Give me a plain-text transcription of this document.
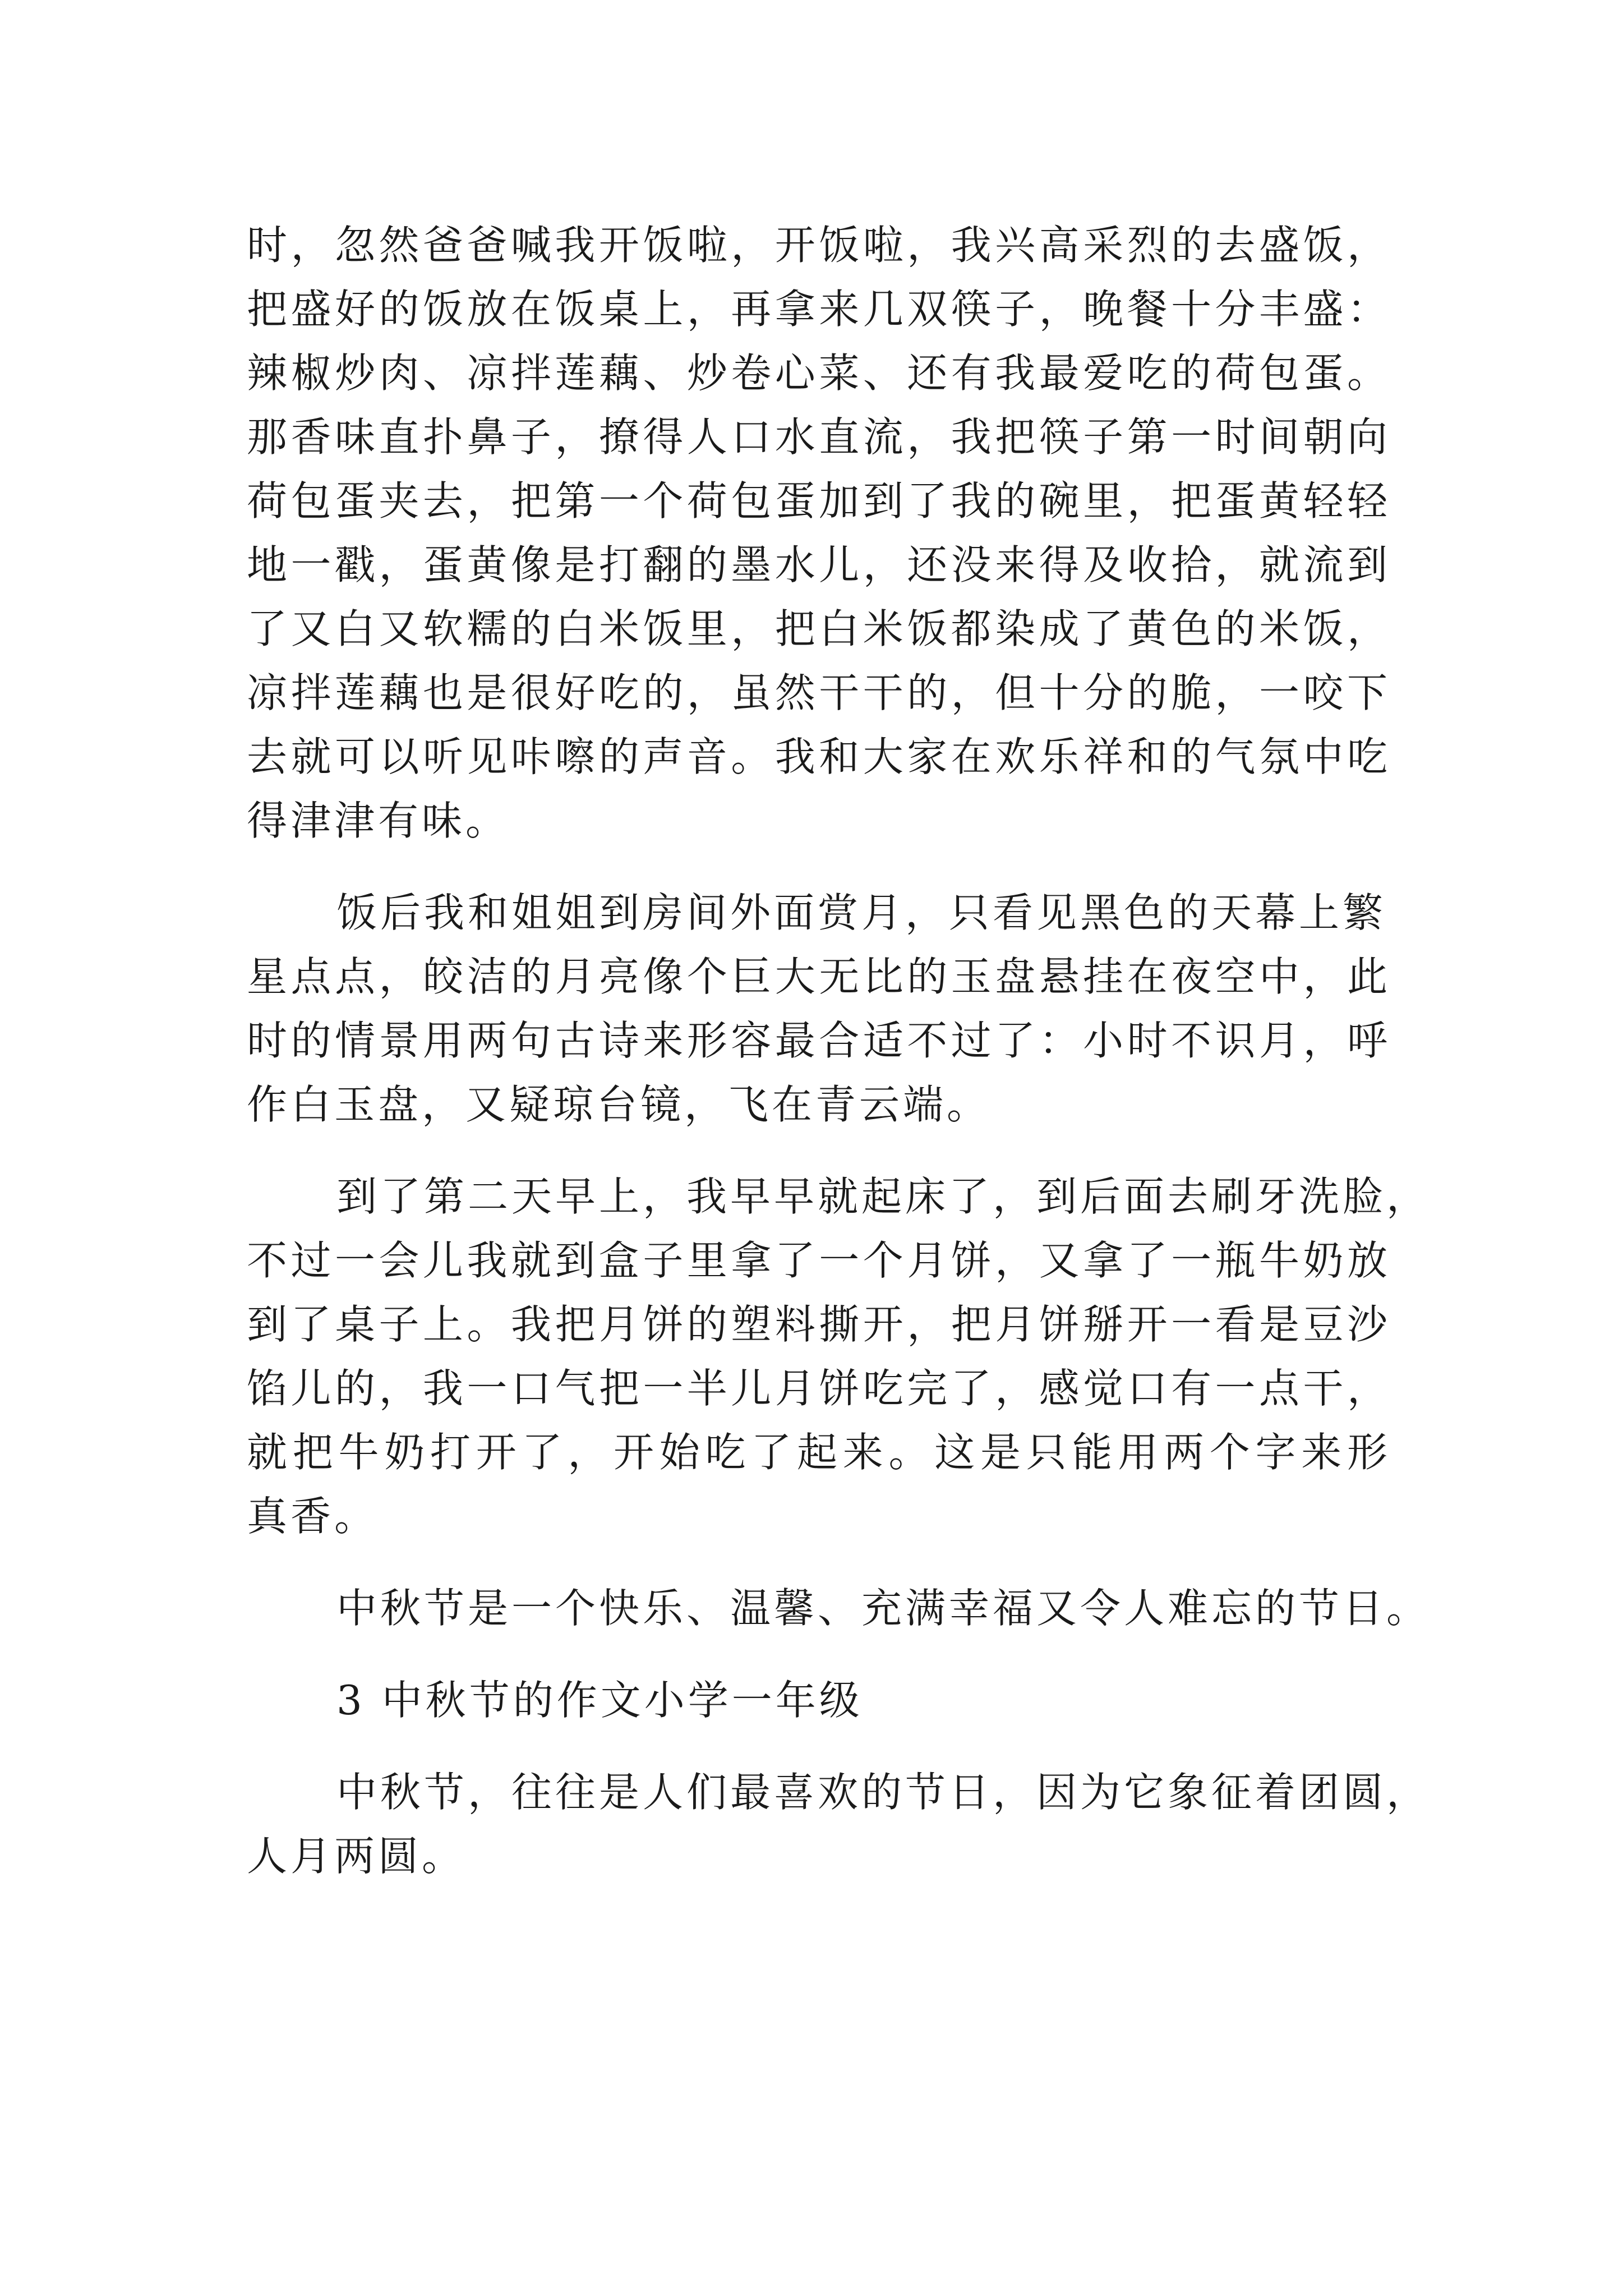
时，忽然爸爸喊我开饭啦，开饭啦，我兴高采烈的去盛饭，
把盛好的饭放在饭桌上，再拿来几双筷子，晚餐十分丰盛：
辣椒炒肉、凉拌莲藕、炒卷心菜、还有我最爱吃的荷包蛋。
那香味直扑鼻子，撩得人口水直流，我把筷子第一时间朝向
荷包蛋夹去，把第一个荷包蛋加到了我的碗里，把蛋黄轻轻
地一戳，蛋黄像是打翻的墨水儿，还没来得及收拾，就流到
了又白又软糯的白米饭里，把白米饭都染成了黄色的米饭，
凉拌莲藕也是很好吃的，虽然干干的，但十分的脆，一咬下
去就可以听见咔嚓的声音。我和大家在欢乐祥和的气氛中吃
得津津有味。
饭后我和姐姐到房间外面赏月，只看见黑色的天幕上繁
星点点，皎洁的月亮像个巨大无比的玉盘悬挂在夜空中，此
时的情景用两句古诗来形容最合适不过了：小时不识月，呼
作白玉盘，又疑琼台镜，飞在青云端。
到了第二天早上，我早早就起床了，到后面去刷牙洗脸，
不过一会儿我就到盒子里拿了一个月饼，又拿了一瓶牛奶放
到了桌子上。我把月饼的塑料撕开，把月饼掰开一看是豆沙
馅儿的，我一口气把一半儿月饼吃完了，感觉口有一点干，
就把牛奶打开了，开始吃了起来。这是只能用两个字来形
真香。
中秋节是一个快乐、温馨、充满幸福又令人难忘的节日。
3 中秋节的作文小学一年级
中秋节，往往是人们最喜欢的节日，因为它象征着团圆，
人月两圆。
